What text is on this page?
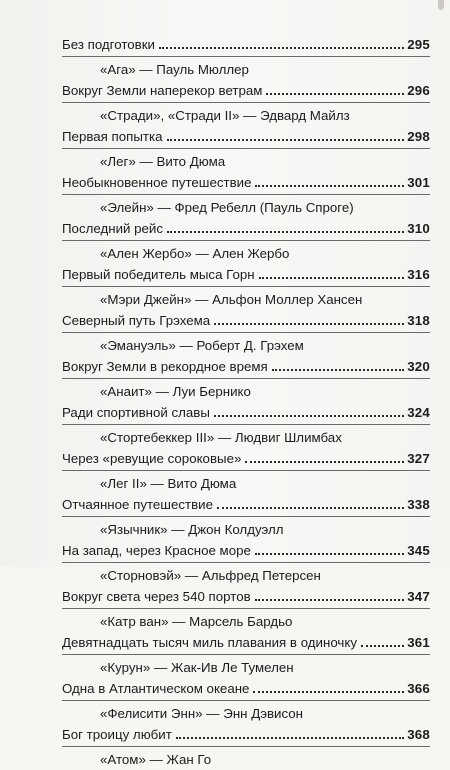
Без подготовки	295
«Ага» — Пауль Мюллер
Вокруг Земли наперекор ветрам	296
«Стради», «Стради II» — Эдвард Майлз
Первая попытка	298
«Лег» — Вито Дюма
Необыкновенное путешествие	301
«Элейн» — Фред Ребелл (Пауль Спроге)
Последний рейс	310
«Ален Жербо» — Ален Жербо
Первый победитель мыса Горн	316
«Мэри Джейн» — Альфон Моллер Хансен
Северный путь Грэхема	318
«Эмануэль» — Роберт Д. Грэхем
Вокруг Земли в рекордное время	320
«Анаит» — Луи Бернико
Ради спортивной славы	324
«Стортебеккер III» — Людвиг Шлимбах
Через «ревущие сороковые»	327
«Лег II» — Вито Дюма
Отчаянное путешествие	338
«Язычник» — Джон Колдуэлл
На запад, через Красное море	345
«Сторновэй» — Альфред Петерсен
Вокруг света через 540 портов	347
«Катр ван» — Марсель Бардьо
Девятнадцать тысяч миль плавания в одиночку	361
«Курун» — Жак-Ив Ле Тумелен
Одна в Атлантическом океане	366
«Фелисити Энн» — Энн Дэвисон
Бог троицу любит	368
«Атом» — Жан Го
